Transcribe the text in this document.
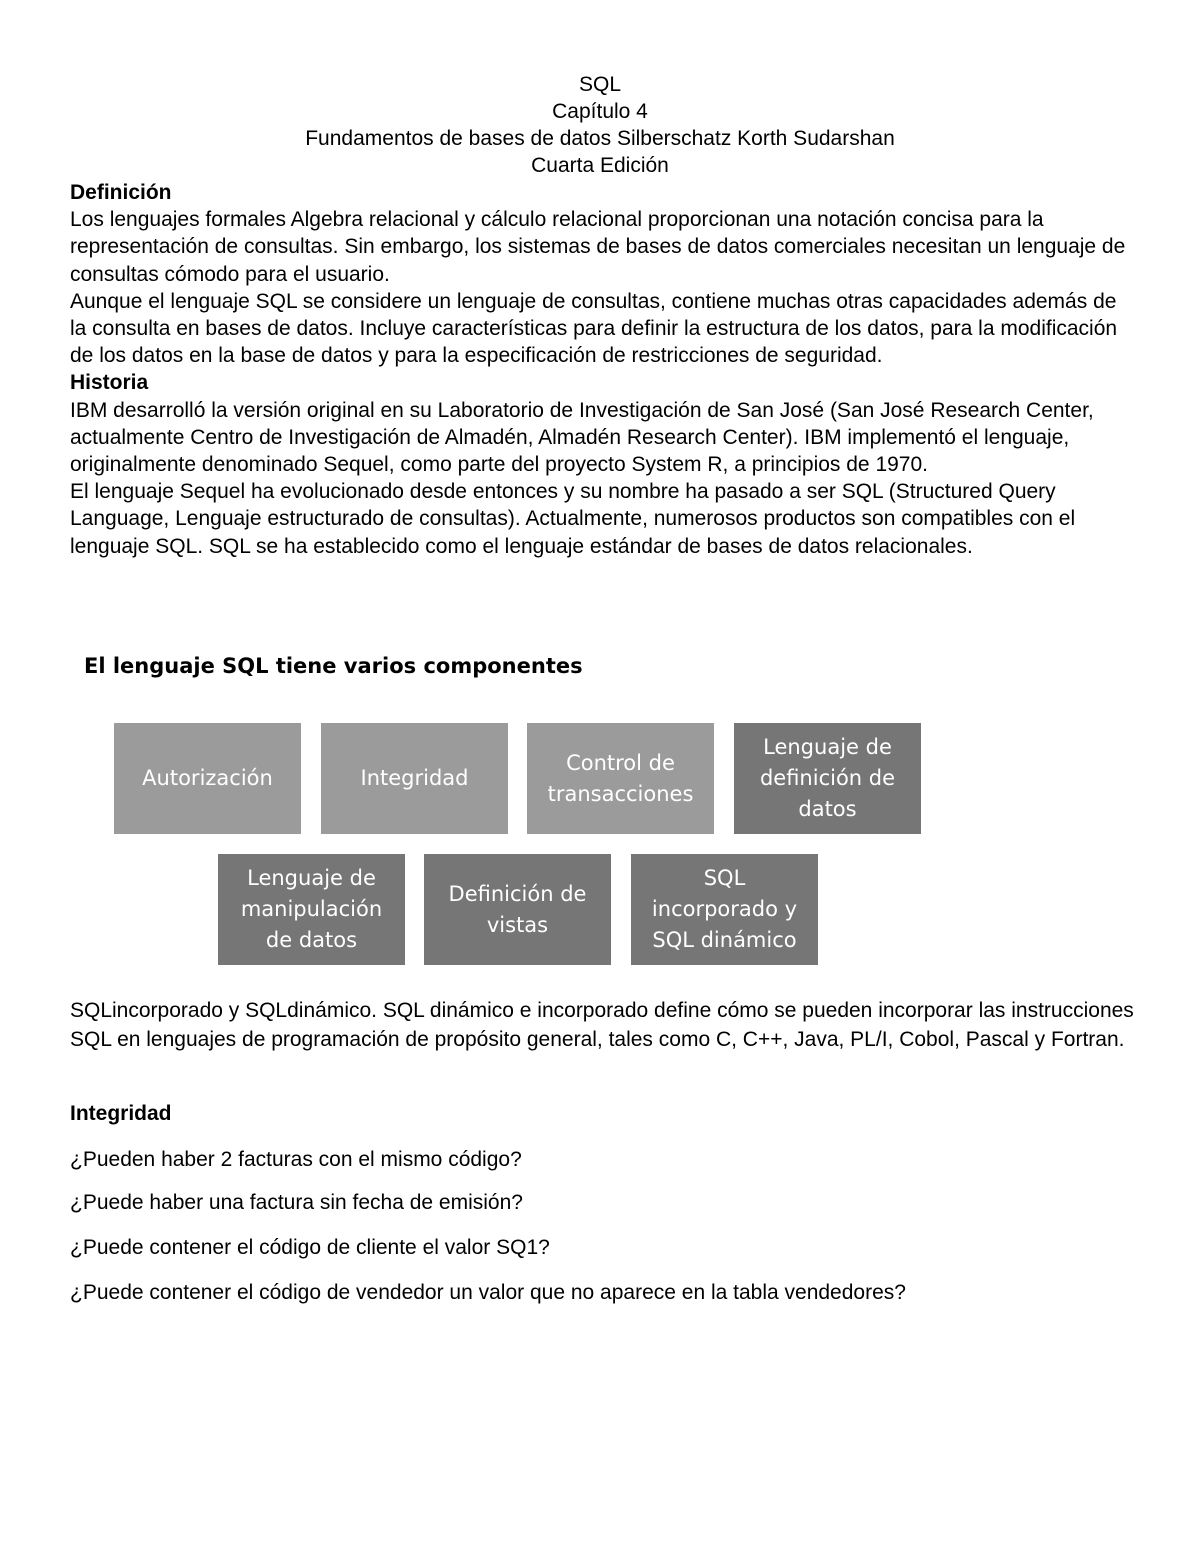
SQL
Capítulo 4
Fundamentos de bases de datos Silberschatz Korth Sudarshan
Cuarta Edición

Definición

Los lenguajes formales Algebra relacional y cálculo relacional proporcionan una notación concisa para la representación de consultas. Sin embargo, los sistemas de bases de datos comerciales necesitan un lenguaje de consultas cómodo para el usuario.

Aunque el lenguaje SQL se considere un lenguaje de consultas, contiene muchas otras capacidades además de la consulta en bases de datos. Incluye características para definir la estructura de los datos, para la modificación de los datos en la base de datos y para la especificación de restricciones de seguridad.

Historia

IBM desarrolló la versión original en su Laboratorio de Investigación de San José (San José Research Center, actualmente Centro de Investigación de Almadén, Almadén Research Center). IBM implementó el lenguaje, originalmente denominado Sequel, como parte del proyecto System R, a principios de 1970.

El lenguaje Sequel ha evolucionado desde entonces y su nombre ha pasado a ser SQL (Structured Query Language, Lenguaje estructurado de consultas). Actualmente, numerosos productos son compatibles con el lenguaje SQL. SQL se ha establecido como el lenguaje estándar de bases de datos relacionales.

El lenguaje SQL tiene varios componentes
Autorización	Integridad
Control de transacciones
Lenguaje de definición de datos
Lenguaje de manipulación de datos
Definición de vistas
SQL incorporado y SQL dinámico
SQLincorporado y SQLdinámico. SQL dinámico e incorporado define cómo se pueden incorporar las instrucciones SQL en lenguajes de programación de propósito general, tales como C, C++, Java, PL/I, Cobol, Pascal y Fortran.
Integridad
¿Pueden haber 2 facturas con el mismo código?
¿Puede haber una factura sin fecha de emisión?
¿Puede contener el código de cliente el valor SQ1?
¿Puede contener el código de vendedor un valor que no aparece en la tabla vendedores?
